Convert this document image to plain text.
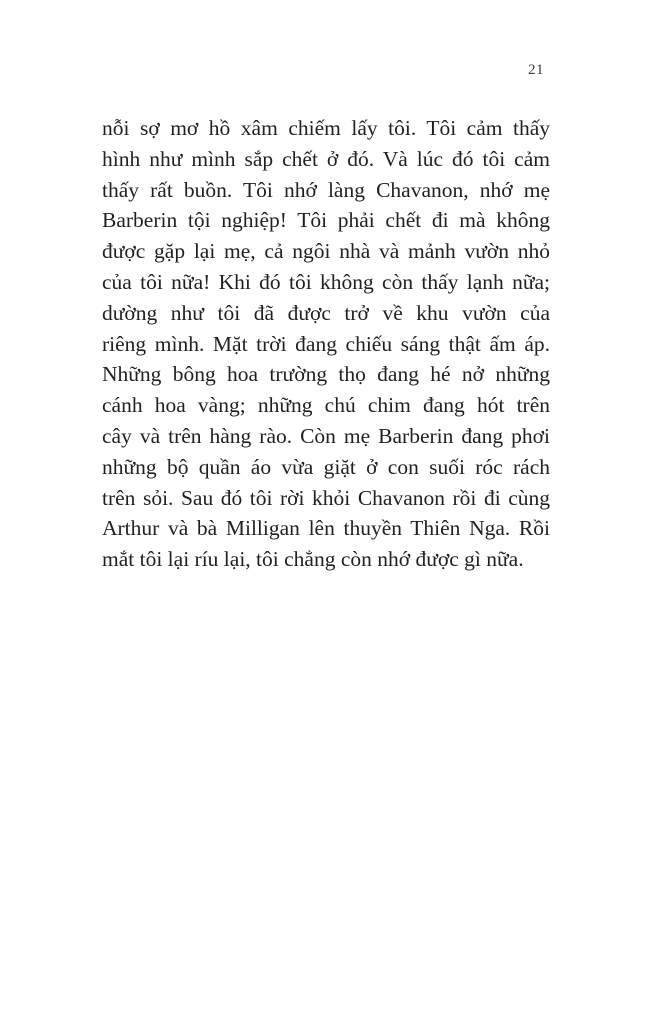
21

nỗi sợ mơ hồ xâm chiếm lấy tôi. Tôi cảm thấy
hình như mình sắp chết ở đó. Và lúc đó tôi cảm
thấy rất buồn. Tôi nhớ làng Chavanon, nhớ mẹ
Barberin tội nghiệp! Tôi phải chết đi mà không
được gặp lại mẹ, cả ngôi nhà và mảnh vườn nhỏ
của tôi nữa! Khi đó tôi không còn thấy lạnh nữa;
dường như tôi đã được trở về khu vườn của
riêng mình. Mặt trời đang chiếu sáng thật ấm áp.
Những bông hoa trường thọ đang hé nở những
cánh hoa vàng; những chú chim đang hót trên
cây và trên hàng rào. Còn mẹ Barberin đang phơi
những bộ quần áo vừa giặt ở con suối róc rách
trên sỏi. Sau đó tôi rời khỏi Chavanon rồi đi cùng
Arthur và bà Milligan lên thuyền Thiên Nga. Rồi
mắt tôi lại ríu lại, tôi chẳng còn nhớ được gì nữa.
